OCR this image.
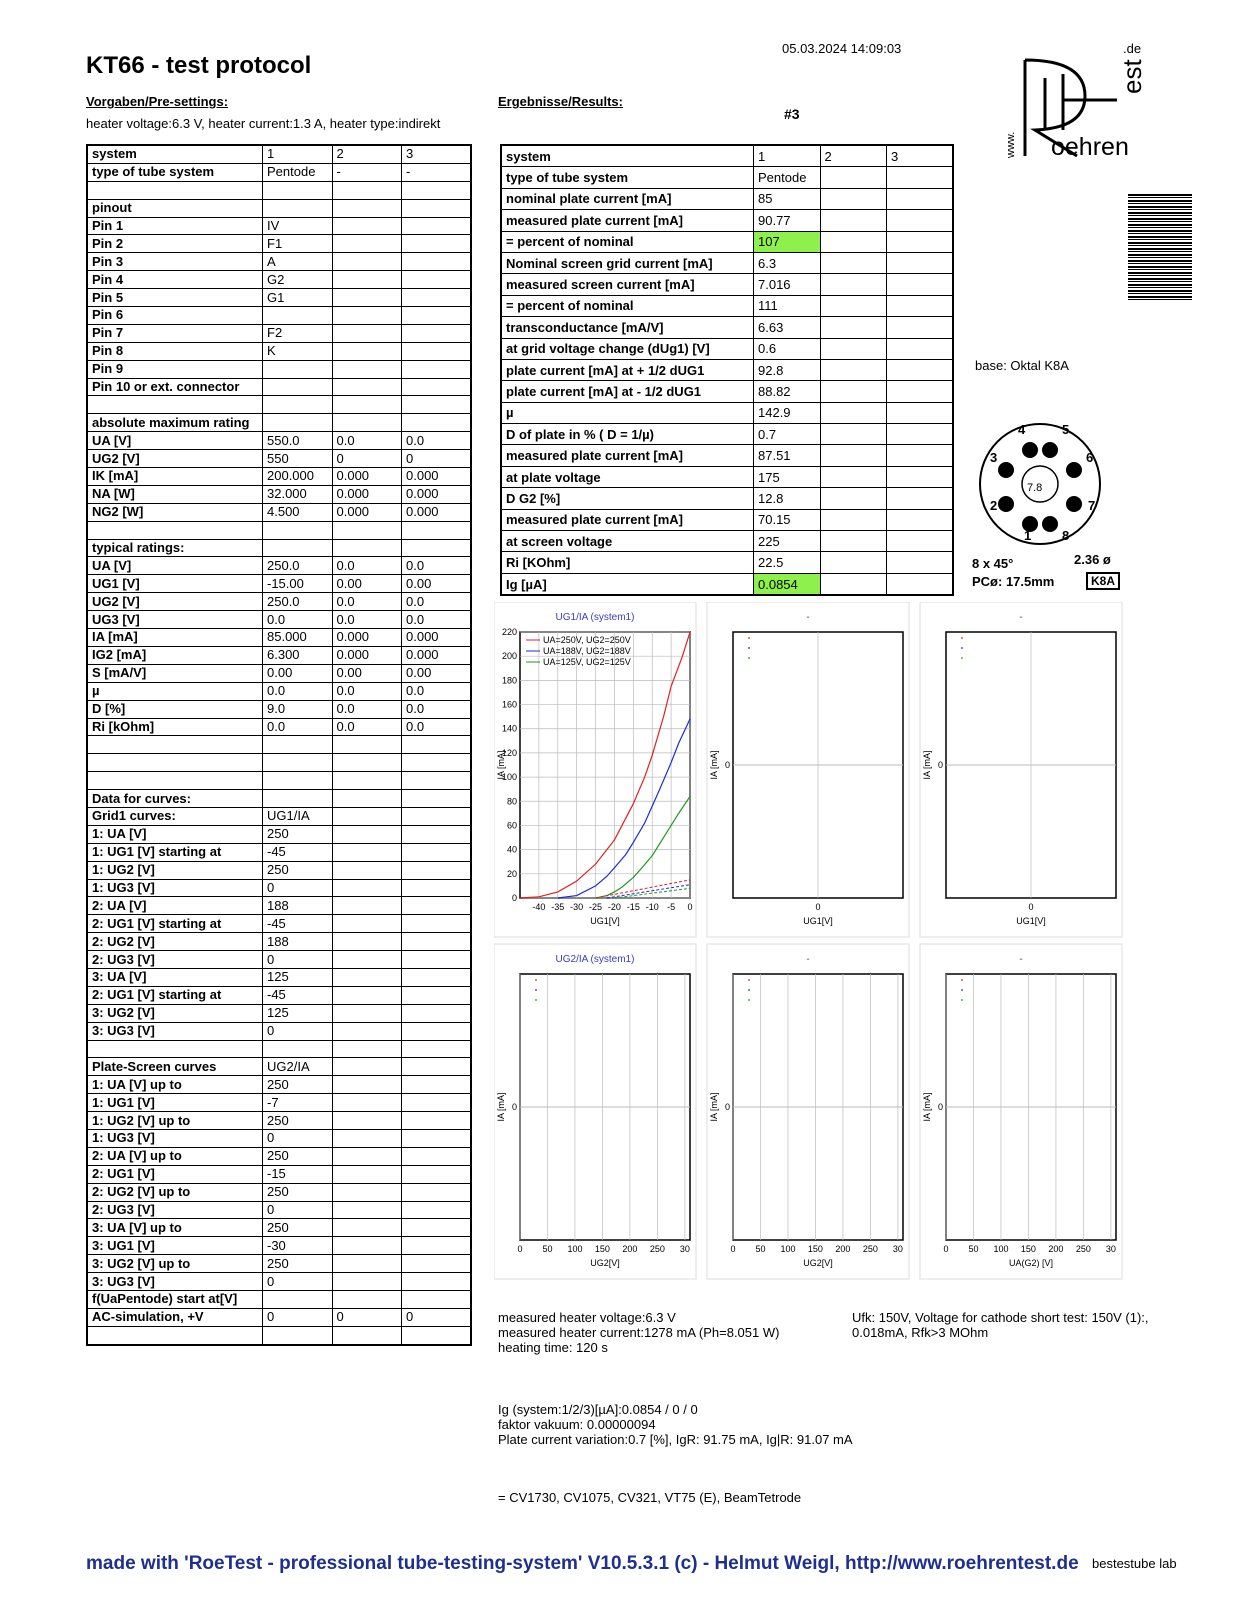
KT66 - test protocol
05.03.2024 14:09:03
Vorgaben/Pre-settings:
heater voltage:6.3 V, heater current:1.3 A, heater type:indirekt
Ergebnisse/Results:
#3
www. oehren
.de
est
system	1	2	3
type of tube system	Pentode	-	-

pinout			
Pin 1	IV		
Pin 2	F1		
Pin 3	A		
Pin 4	G2		
Pin 5	G1		
Pin 6			
Pin 7	F2		
Pin 8	K		
Pin 9			
Pin 10 or ext. connector			

absolute maximum rating			
UA [V]	550.0	0.0	0.0
UG2 [V]	550	0	0
IK [mA]	200.000	0.000	0.000
NA [W]	32.000	0.000	0.000
NG2 [W]	4.500	0.000	0.000

typical ratings:			
UA [V]	250.0	0.0	0.0
UG1 [V]	-15.00	0.00	0.00
UG2 [V]	250.0	0.0	0.0
UG3 [V]	0.0	0.0	0.0
IA [mA]	85.000	0.000	0.000
IG2 [mA]	6.300	0.000	0.000
S [mA/V]	0.00	0.00	0.00
µ	0.0	0.0	0.0
D [%]	9.0	0.0	0.0
Ri [kOhm]	0.0	0.0	0.0

Data for curves:			
Grid1 curves:	UG1/IA		
1: UA [V]	250		
1: UG1 [V] starting at	-45		
1: UG2 [V]	250		
1: UG3 [V]	0		
2: UA [V]	188		
2: UG1 [V] starting at	-45		
2: UG2 [V]	188		
2: UG3 [V]	0		
3: UA [V]	125		
2: UG1 [V] starting at	-45		
3: UG2 [V]	125		
3: UG3 [V]	0		

Plate-Screen curves	UG2/IA		
1: UA [V] up to	250		
1: UG1 [V]	-7		
1: UG2 [V] up to	250		
1: UG3 [V]	0		
2: UA [V] up to	250		
2: UG1 [V]	-15		
2: UG2 [V] up to	250		
2: UG3 [V]	0		
3: UA [V] up to	250		
3: UG1 [V]	-30		
3: UG2 [V] up to	250		
3: UG3 [V]	0		
f(UaPentode) start at[V]			
AC-simulation, +V	0	0	0

system	1	2	3
type of tube system	Pentode		
nominal plate current [mA]	85		
measured plate current [mA]	90.77		
= percent of nominal	107		
Nominal screen grid current [mA]	6.3		
measured screen current [mA]	7.016		
= percent of nominal	111		
transconductance [mA/V]	6.63		
at grid voltage change (dUg1) [V]	0.6		
plate current [mA] at + 1/2 dUG1	92.8		
plate current [mA] at - 1/2 dUG1	88.82		
µ	142.9		
D of plate in % ( D = 1/µ)	0.7		
measured plate current [mA]	87.51		
at plate voltage	175		
D G2 [%]	12.8		
measured plate current [mA]	70.15		
at screen voltage	225		
Ri [KOhm]	22.5		
Ig [µA]	0.0854		
base: Oktal K8A
7.8
1
2
3
4	5
6
7
8
8 x 45°	2.36 ø
PCø: 17.5mm	K8A
UG1/IA (system1)
UG1[V]
IA [mA]
0
20
40
60
80
100
120
140
160
180
200
220
-40 -35 -30 -25 -20 -15 -10 -5 0
UA=250V, UG2=250V
UA=188V, UG2=188V
UA=125V, UG2=125V
-
UG1[V]
IA [mA] 0
0
-
UG1[V]
IA [mA] 0
0
UG2/IA (system1)
UG2[V]
IA [mA] 0
0 50 100 150 200 250 30
-
UG2[V]
IA [mA] 0
0 50 100 150 200 250 30
-
UA(G2) [V]
IA [mA] 0
0 50 100 150 200 250 30
measured heater voltage:6.3 V
measured heater current:1278 mA (Ph=8.051 W)
heating time: 120 s
Ufk: 150V, Voltage for cathode short test: 150V (1):,
0.018mA, Rfk>3 MOhm
Ig (system:1/2/3)[µA]:0.0854 / 0 / 0
faktor vakuum: 0.00000094
Plate current variation:0.7 [%], IgR: 91.75 mA, Ig|R: 91.07 mA
= CV1730, CV1075, CV321, VT75 (E), BeamTetrode
made with 'RoeTest - professional tube-testing-system' V10.5.3.1 (c) - Helmut Weigl, http://www.roehrentest.de bestestube lab
